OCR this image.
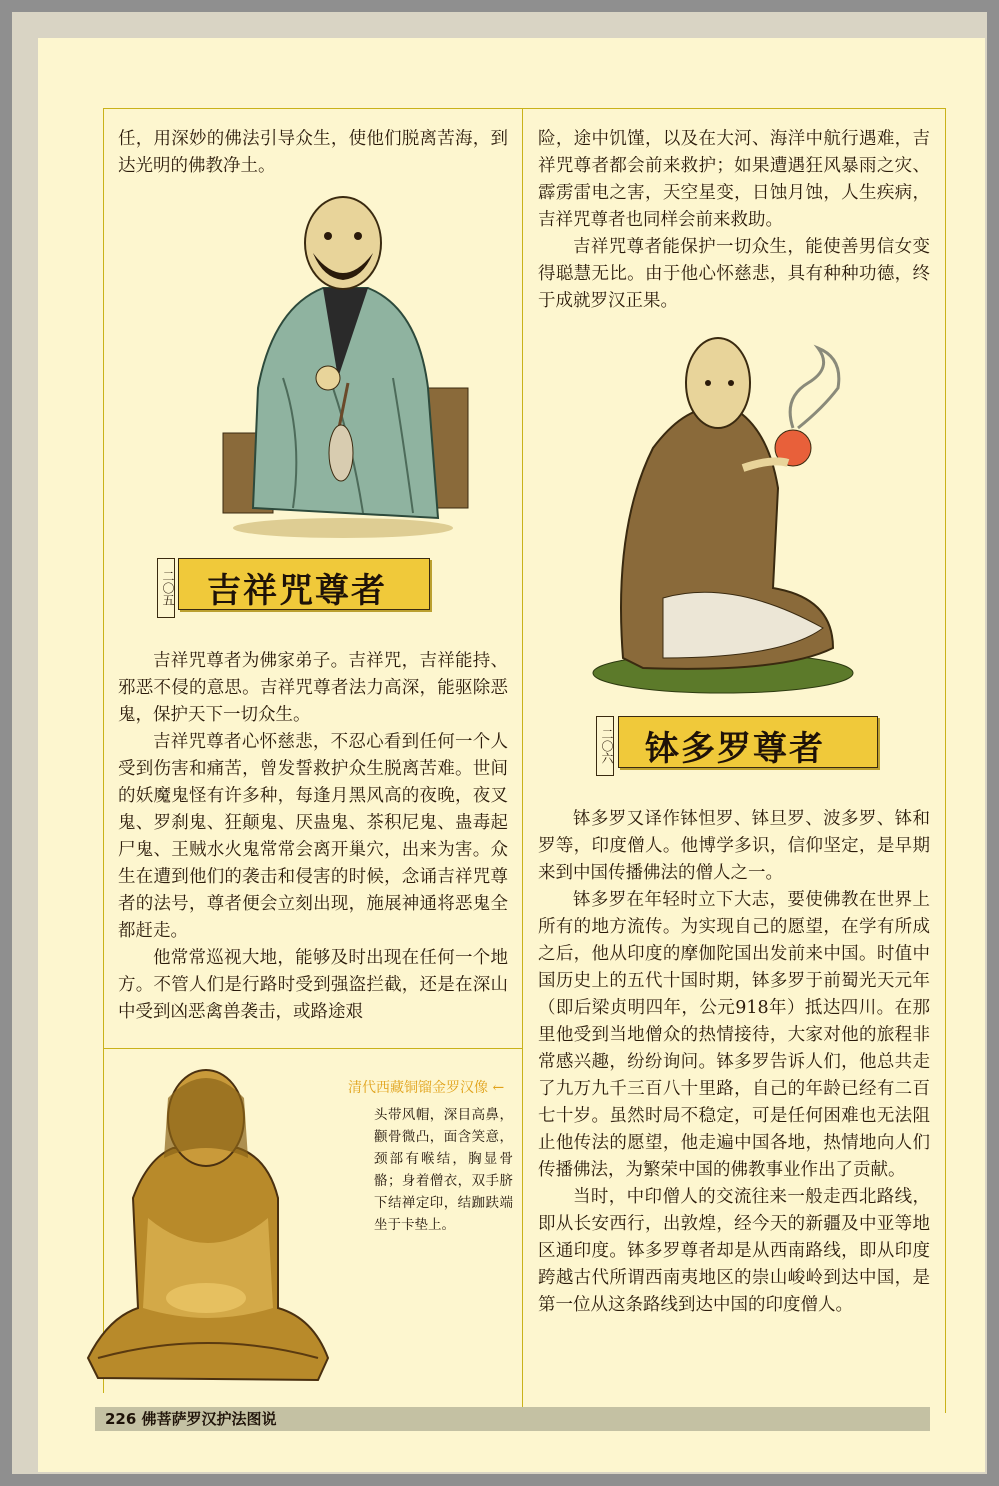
任，用深妙的佛法引导众生，使他们脱离苦海，到达光明的佛教净土。

二〇五 吉祥咒尊者

吉祥咒尊者为佛家弟子。吉祥咒，吉祥能持、邪恶不侵的意思。吉祥咒尊者法力高深，能驱除恶鬼，保护天下一切众生。

吉祥咒尊者心怀慈悲，不忍心看到任何一个人受到伤害和痛苦，曾发誓救护众生脱离苦难。世间的妖魔鬼怪有许多种，每逢月黑风高的夜晚，夜叉鬼、罗刹鬼、狂颠鬼、厌蛊鬼、茶积尼鬼、蛊毒起尸鬼、王贼水火鬼常常会离开巢穴，出来为害。众生在遭到他们的袭击和侵害的时候，念诵吉祥咒尊者的法号，尊者便会立刻出现，施展神通将恶鬼全都赶走。

他常常巡视大地，能够及时出现在任何一个地方。不管人们是行路时受到强盗拦截，还是在深山中受到凶恶禽兽袭击，或路途艰

清代西藏铜镏金罗汉像 ←
头带风帽，深目高鼻，颧骨微凸，面含笑意，颈部有喉结，胸显骨骼；身着僧衣，双手脐下结禅定印，结跏趺端坐于卡垫上。

险，途中饥馑，以及在大河、海洋中航行遇难，吉祥咒尊者都会前来救护；如果遭遇狂风暴雨之灾、霹雳雷电之害，天空星变，日蚀月蚀，人生疾病，吉祥咒尊者也同样会前来救助。

吉祥咒尊者能保护一切众生，能使善男信女变得聪慧无比。由于他心怀慈悲，具有种种功德，终于成就罗汉正果。

二〇六 钵多罗尊者

钵多罗又译作钵怛罗、钵旦罗、波多罗、钵和罗等，印度僧人。他博学多识，信仰坚定，是早期来到中国传播佛法的僧人之一。

钵多罗在年轻时立下大志，要使佛教在世界上所有的地方流传。为实现自己的愿望，在学有所成之后，他从印度的摩伽陀国出发前来中国。时值中国历史上的五代十国时期，钵多罗于前蜀光天元年（即后梁贞明四年，公元918年）抵达四川。在那里他受到当地僧众的热情接待，大家对他的旅程非常感兴趣，纷纷询问。钵多罗告诉人们，他总共走了九万九千三百八十里路，自己的年龄已经有二百七十岁。虽然时局不稳定，可是任何困难也无法阻止他传法的愿望，他走遍中国各地，热情地向人们传播佛法，为繁荣中国的佛教事业作出了贡献。

当时，中印僧人的交流往来一般走西北路线，即从长安西行，出敦煌，经今天的新疆及中亚等地区通印度。钵多罗尊者却是从西南路线，即从印度跨越古代所谓西南夷地区的崇山峻岭到达中国，是第一位从这条路线到达中国的印度僧人。

226 佛菩萨罗汉护法图说
